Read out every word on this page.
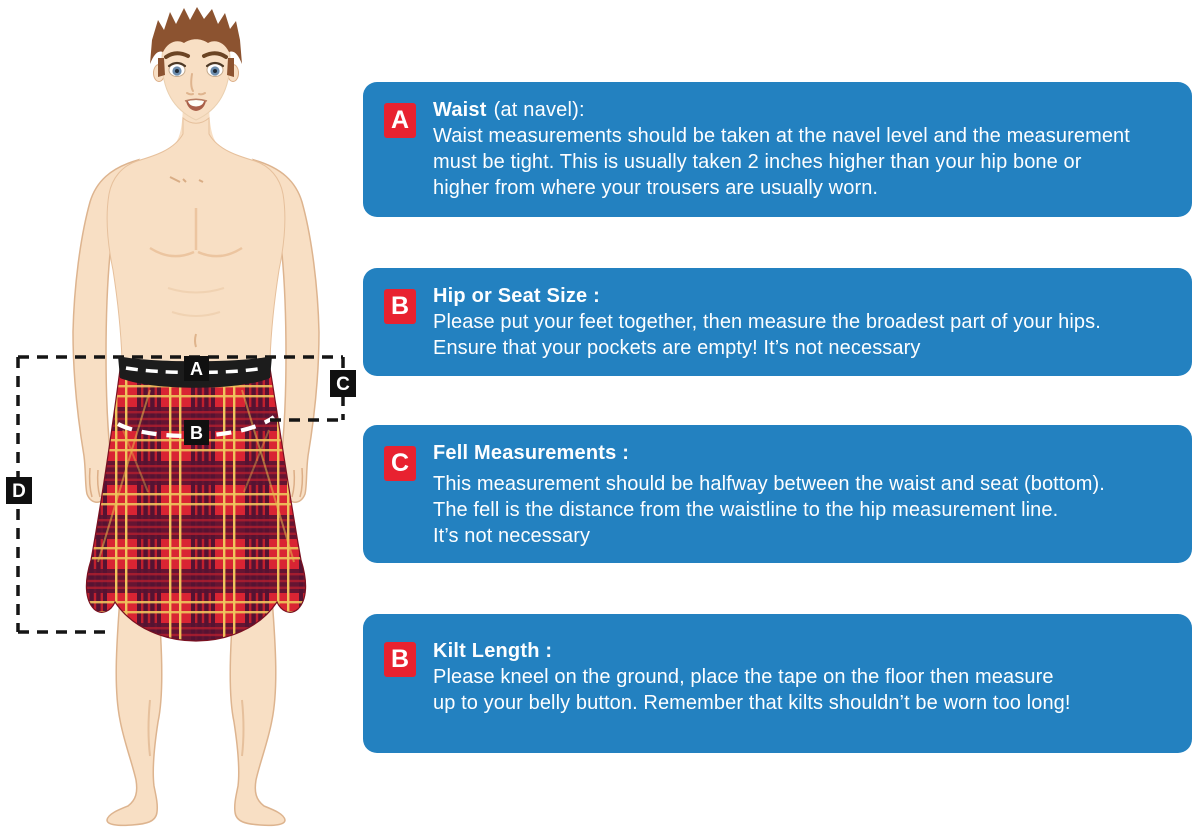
A
B
C
D
A	Waist (at navel):
Waist measurements should be taken at the navel level and the measurement
must be tight. This is usually taken 2 inches higher than your hip bone or
higher from where your trousers are usually worn.
B	Hip or Seat Size :
Please put your feet together, then measure the broadest part of your hips.
Ensure that your pockets are empty! It’s not necessary
C	Fell Measurements :
This measurement should be halfway between the waist and seat (bottom).
The fell is the distance from the waistline to the hip measurement line.
It’s not necessary
B	Kilt Length :
Please kneel on the ground, place the tape on the floor then measure
up to your belly button. Remember that kilts shouldn’t be worn too long!
